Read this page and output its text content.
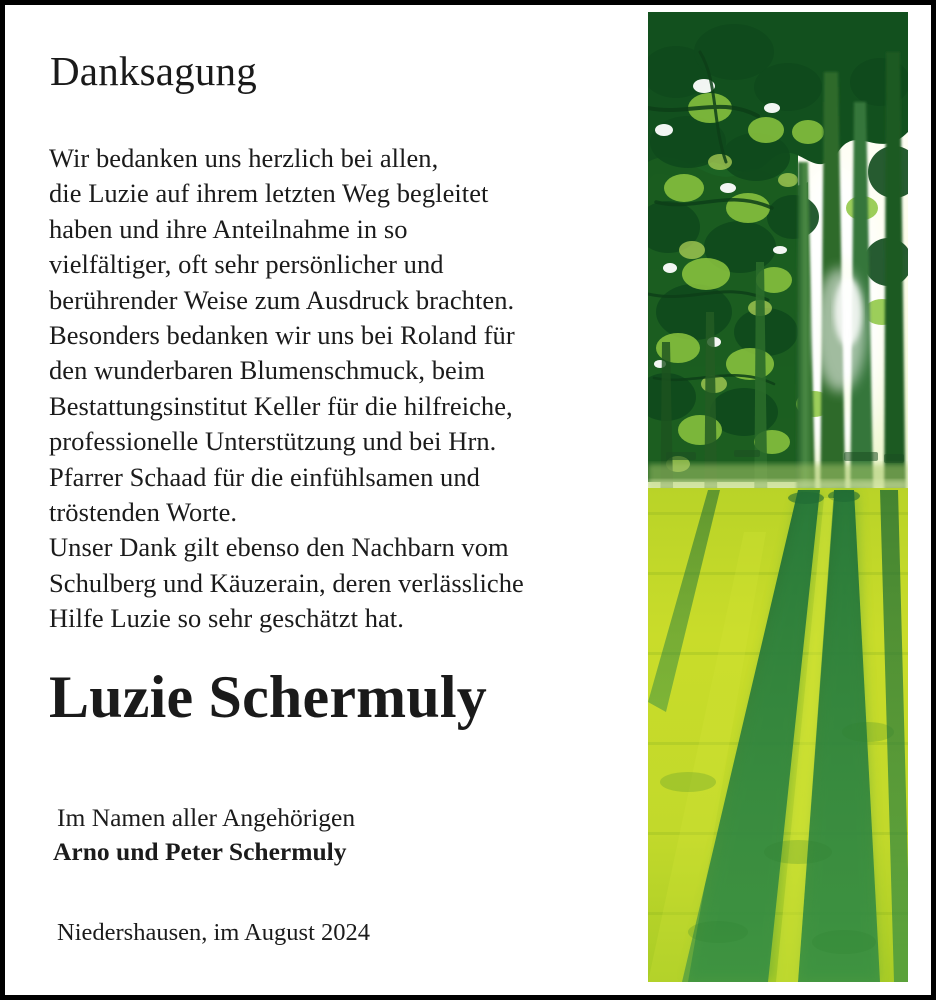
Danksagung
Wir bedanken uns herzlich bei allen,
die Luzie auf ihrem letzten Weg begleitet
haben und ihre Anteilnahme in so
vielfältiger, oft sehr persönlicher und
berührender Weise zum Ausdruck brachten.
Besonders bedanken wir uns bei Roland für
den wunderbaren Blumenschmuck, beim
Bestattungsinstitut Keller für die hilfreiche,
professionelle Unterstützung und bei Hrn.
Pfarrer Schaad für die einfühlsamen und
tröstenden Worte.
Unser Dank gilt ebenso den Nachbarn vom
Schulberg und Käuzerain, deren verlässliche
Hilfe Luzie so sehr geschätzt hat.
Luzie Schermuly
Im Namen aller Angehörigen
Arno und Peter Schermuly
Niedershausen, im August 2024
